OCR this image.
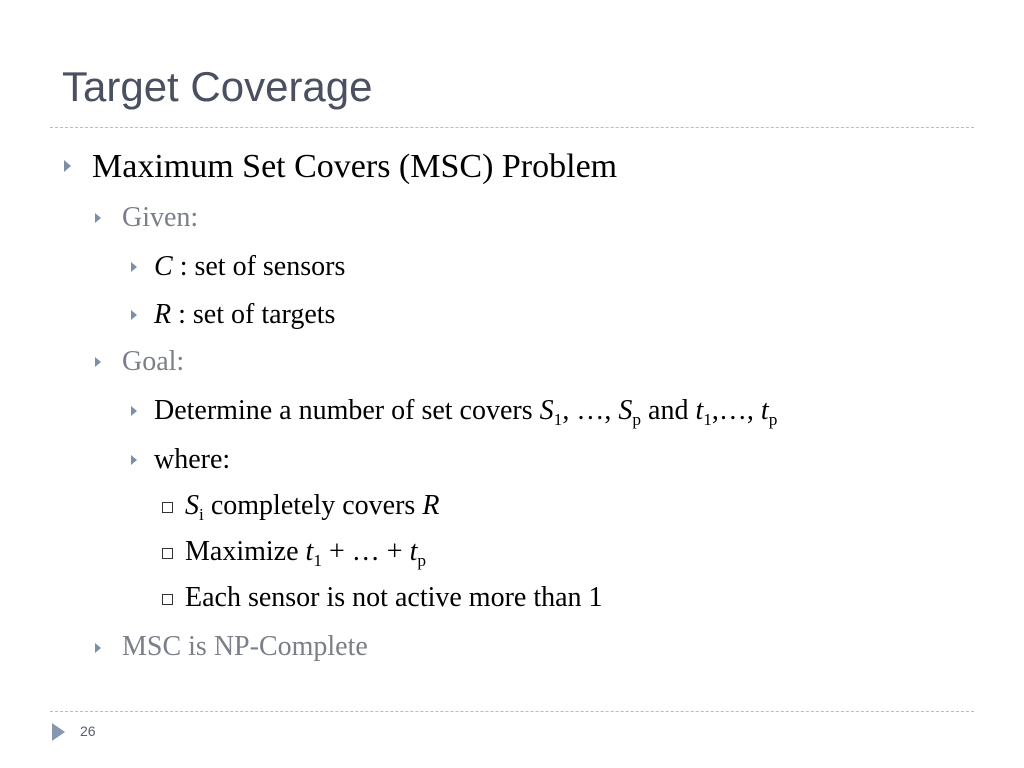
Target Coverage
Maximum Set Covers (MSC) Problem
Given:
C : set of sensors
R : set of targets
Goal:
Determine a number of set covers $S_1$, …, $S_p$ and $t_1,\dots$, $t_p$
where:
$S_i$ completely covers R
Maximize $t_1$ + … + $t_p$
Each sensor is not active more than 1
MSC is NP-Complete
26
